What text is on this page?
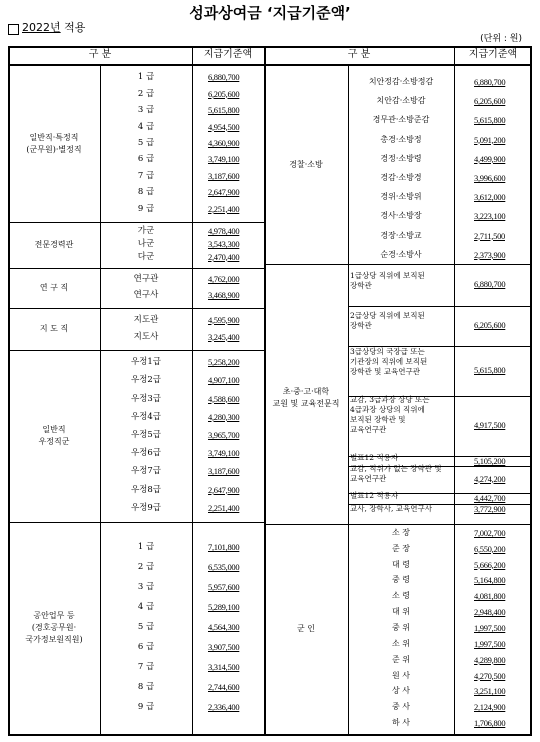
성과상여금 ‘지급기준액’
2022년 적용
(단위 : 원)
구 분	지급기준액	구 분	지급기준액
일반직·특정직
(군무원)·별정직
1 급	6,880,700
2 급	6,205,600
3 급	5,615,800
4 급	4,954,500
5 급	4,360,900
6 급	3,749,100
7 급	3,187,600
8 급	2,647,900
9 급	2,251,400
전문경력관
가군	4,978,400
나군	3,543,300
다군	2,470,400
연 구 직
연구관	4,762,000
연구사	3,468,900
지 도 직
지도관	4,595,900
지도사	3,245,400
일반직
우정직군
우정1급	5,258,200
우정2급	4,907,100
우정3급	4,588,600
우정4급	4,280,300
우정5급	3,965,700
우정6급	3,749,100
우정7급	3,187,600
우정8급	2,647,900
우정9급	2,251,400
공안업무 등
(경호공무원·
국가정보원직원)
1 급	7,101,800
2 급	6,535,000
3 급	5,957,600
4 급	5,289,100
5 급	4,564,300
6 급	3,907,500
7 급	3,314,500
8 급	2,744,600
9 급	2,336,400
경찰·소방
치안정감·소방정감	6,880,700
치안감·소방감	6,205,600
경무관·소방준감	5,615,800
총경·소방정	5,091,200
경정·소방령	4,499,900
경감·소방경	3,996,600
경위·소방위	3,612,000
경사·소방장	3,223,100
경장·소방교	2,711,500
순경·소방사	2,373,900
초·중·고·대학
교원 및 교육전문직
1급상당 직위에 보직된
장학관	6,880,700
2급상당 직위에 보직된
장학관	6,205,600
3급상당의 국장급 또는
기관장의 직위에 보직된
장학관 및 교육연구관	5,615,800
교감, 3급과장 상당 또는
4급과장 상당의 직위에
보직된 장학관 및
교육연구관	4,917,500
별표12 적용자	5,105,200
교감, 직위가 없는 장학관 및
교육연구관	4,274,200
별표12 적용자	4,442,700
교사, 장학사, 교육연구사	3,772,900
군 인
소 장	7,002,700
준 장	6,550,200
대 령	5,666,200
중 령	5,164,800
소 령	4,081,800
대 위	2,948,400
중 위	1,997,500
소 위	1,997,500
준 위	4,289,800
원 사	4,270,500
상 사	3,251,100
중 사	2,124,900
하 사	1,706,800
